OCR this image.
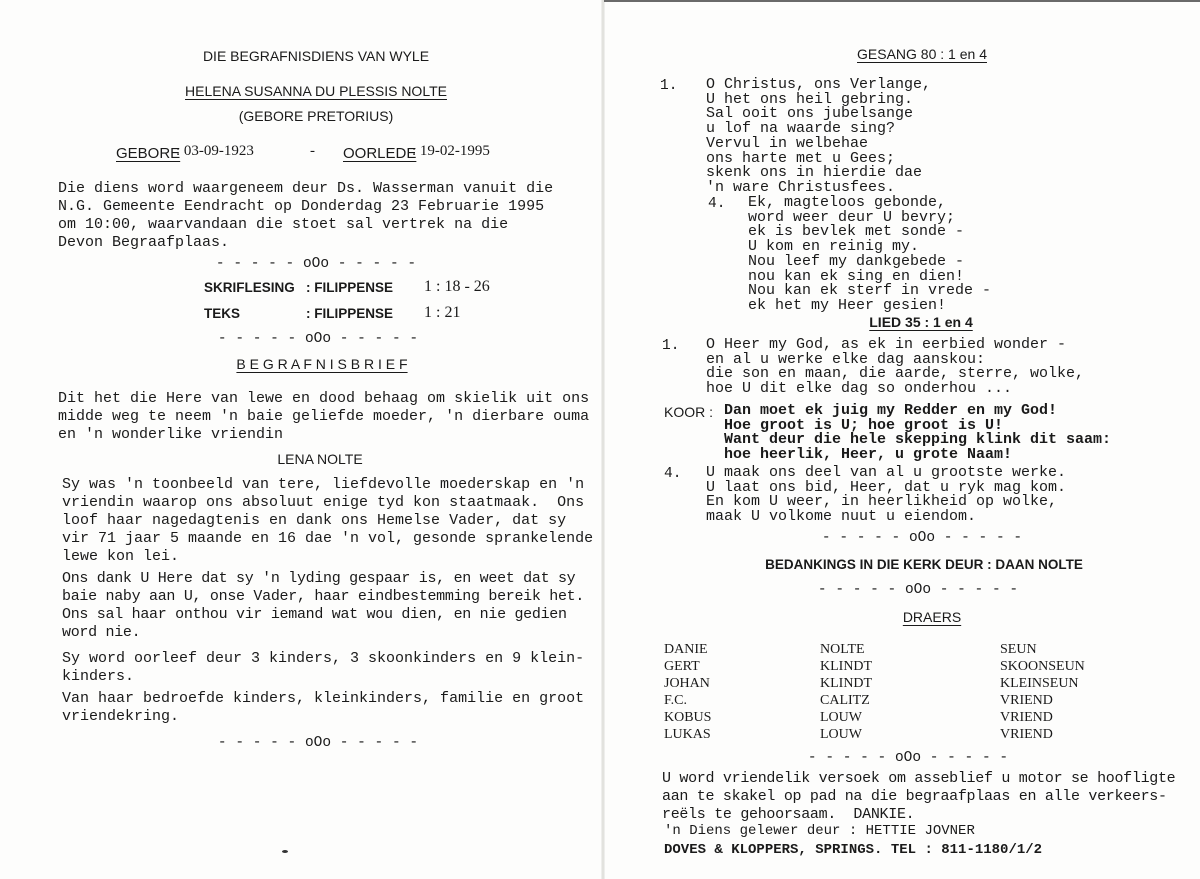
DIE BEGRAFNISDIENS VAN WYLE
HELENA SUSANNA DU PLESSIS NOLTE
(GEBORE PRETORIUS)
GEBORE
: 03-09-1923	- OORLEDE
: 19-02-1995
Die diens word waargeneem deur Ds. Wasserman vanuit die
N.G. Gemeente Eendracht op Donderdag 23 Februarie 1995
om 10:00, waarvandaan die stoet sal vertrek na die
Devon Begraafplaas.
- - - - - oOo - - - - -
SKRIFLESING : FILIPPENSE 1 : 18 - 26
TEKS	: FILIPPENSE 1 : 21
- - - - - oOo - - - - -
B E G R A F N I S B R I E F
Dit het die Here van lewe en dood behaag om skielik uit ons
midde weg te neem 'n baie geliefde moeder, 'n dierbare ouma
en 'n wonderlike vriendin
LENA NOLTE
Sy was 'n toonbeeld van tere, liefdevolle moederskap en 'n
vriendin waarop ons absoluut enige tyd kon staatmaak.  Ons
loof haar nagedagtenis en dank ons Hemelse Vader, dat sy
vir 71 jaar 5 maande en 16 dae 'n vol, gesonde sprankelende
lewe kon lei.
Ons dank U Here dat sy 'n lyding gespaar is, en weet dat sy
baie naby aan U, onse Vader, haar eindbestemming bereik het.
Ons sal haar onthou vir iemand wat wou dien, en nie gedien
word nie.
Sy word oorleef deur 3 kinders, 3 skoonkinders en 9 klein-
kinders.
Van haar bedroefde kinders, kleinkinders, familie en groot
vriendekring.
- - - - - oOo - - - - -
GESANG 80 : 1 en 4
1. O Christus, ons Verlange,
U het ons heil gebring.
Sal ooit ons jubelsange
u lof na waarde sing?
Vervul in welbehae
ons harte met u Gees;
skenk ons in hierdie dae
'n ware Christusfees.
4. Ek, magteloos gebonde,
word weer deur U bevry;
ek is bevlek met sonde -
U kom en reinig my.
Nou leef my dankgebede -
nou kan ek sing en dien!
Nou kan ek sterf in vrede -
ek het my Heer gesien!
LIED 35 : 1 en 4
1. O Heer my God, as ek in eerbied wonder -
en al u werke elke dag aanskou:
die son en maan, die aarde, sterre, wolke,
hoe U dit elke dag so onderhou ...
KOOR : Dan moet ek juig my Redder en my God!
Hoe groot is U; hoe groot is U!
Want deur die hele skepping klink dit saam:
hoe heerlik, Heer, u grote Naam!
4. U maak ons deel van al u grootste werke.
U laat ons bid, Heer, dat u ryk mag kom.
En kom U weer, in heerlikheid op wolke,
maak U volkome nuut u eiendom.
- - - - - oOo - - - - -
BEDANKINGS IN DIE KERK DEUR : DAAN NOLTE
- - - - - oOo - - - - -
DRAERS
DANIE	NOLTE	SEUN
GERT	KLINDT	SKOONSEUN
JOHAN	KLINDT	KLEINSEUN
F.C.	CALITZ	VRIEND
KOBUS	LOUW	VRIEND
LUKAS	LOUW	VRIEND
- - - - - oOo - - - - -
U word vriendelik versoek om asseblief u motor se hoofligte
aan te skakel op pad na die begraafplaas en alle verkeers-
reëls te gehoorsaam.  DANKIE.
'n Diens gelewer deur : HETTIE JOVNER
DOVES & KLOPPERS, SPRINGS. TEL : 811-1180/1/2
